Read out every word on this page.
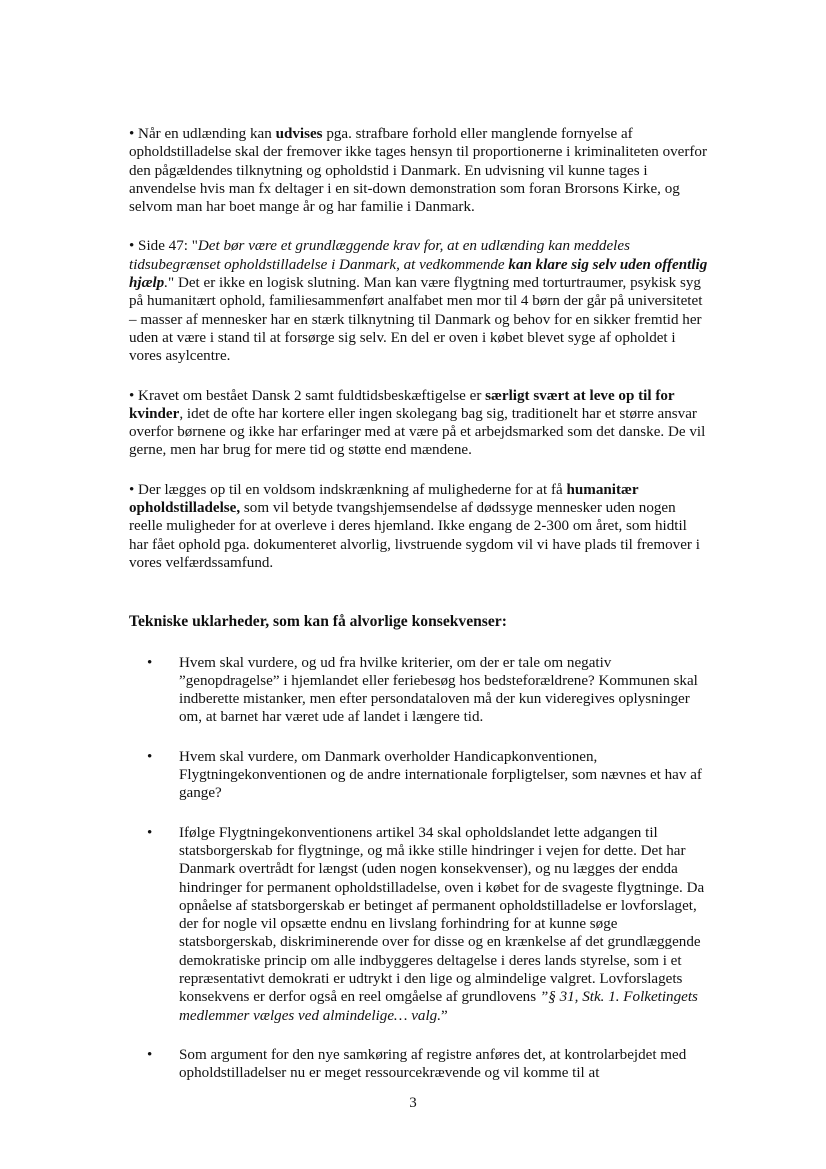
• Når en udlænding kan udvises pga. strafbare forhold eller manglende fornyelse af opholdstilladelse skal der fremover ikke tages hensyn til proportionerne i kriminaliteten overfor den pågældendes tilknytning og opholdstid i Danmark. En udvisning vil kunne tages i anvendelse hvis man fx deltager i en sit-down demonstration som foran Brorsons Kirke, og selvom man har boet mange år og har familie i Danmark.

• Side 47: "Det bør være et grundlæggende krav for, at en udlænding kan meddeles tidsubegrænset opholdstilladelse i Danmark, at vedkommende kan klare sig selv uden offentlig hjælp." Det er ikke en logisk slutning. Man kan være flygtning med torturtraumer, psykisk syg på humanitært ophold, familiesammenført analfabet men mor til 4 børn der går på universitetet – masser af mennesker har en stærk tilknytning til Danmark og behov for en sikker fremtid her uden at være i stand til at forsørge sig selv. En del er oven i købet blevet syge af opholdet i vores asylcentre.

• Kravet om bestået Dansk 2 samt fuldtidsbeskæftigelse er særligt svært at leve op til for kvinder, idet de ofte har kortere eller ingen skolegang bag sig, traditionelt har et større ansvar overfor børnene og ikke har erfaringer med at være på et arbejdsmarked som det danske. De vil gerne, men har brug for mere tid og støtte end mændene.

• Der lægges op til en voldsom indskrænkning af mulighederne for at få humanitær opholdstilladelse, som vil betyde tvangshjemsendelse af dødssyge mennesker uden nogen reelle muligheder for at overleve i deres hjemland. Ikke engang de 2-300 om året, som hidtil har fået ophold pga. dokumenteret alvorlig, livstruende sygdom vil vi have plads til fremover i vores velfærdssamfund.

Tekniske uklarheder, som kan få alvorlige konsekvenser:
• Hvem skal vurdere, og ud fra hvilke kriterier, om der er tale om negativ ”genopdragelse” i hjemlandet eller feriebesøg hos bedsteforældrene? Kommunen skal indberette mistanker, men efter persondataloven må der kun videregives oplysninger om, at barnet har været ude af landet i længere tid.
• Hvem skal vurdere, om Danmark overholder Handicapkonventionen, Flygtningekonventionen og de andre internationale forpligtelser, som nævnes et hav af gange?
• Ifølge Flygtningekonventionens artikel 34 skal opholdslandet lette adgangen til statsborgerskab for flygtninge, og må ikke stille hindringer i vejen for dette. Det har Danmark overtrådt for længst (uden nogen konsekvenser), og nu lægges der endda hindringer for permanent opholdstilladelse, oven i købet for de svageste flygtninge. Da opnåelse af statsborgerskab er betinget af permanent opholdstilladelse er lovforslaget, der for nogle vil opsætte endnu en livslang forhindring for at kunne søge statsborgerskab, diskriminerende over for disse og en krænkelse af det grundlæggende demokratiske princip om alle indbyggeres deltagelse i deres lands styrelse, som i et repræsentativt demokrati er udtrykt i den lige og almindelige valgret. Lovforslagets konsekvens er derfor også en reel omgåelse af grundlovens ”§ 31, Stk. 1. Folketingets medlemmer vælges ved almindelige… valg.”
• Som argument for den nye samkøring af registre anføres det, at kontrolarbejdet med opholdstilladelser nu er meget ressourcekrævende og vil komme til at
3
